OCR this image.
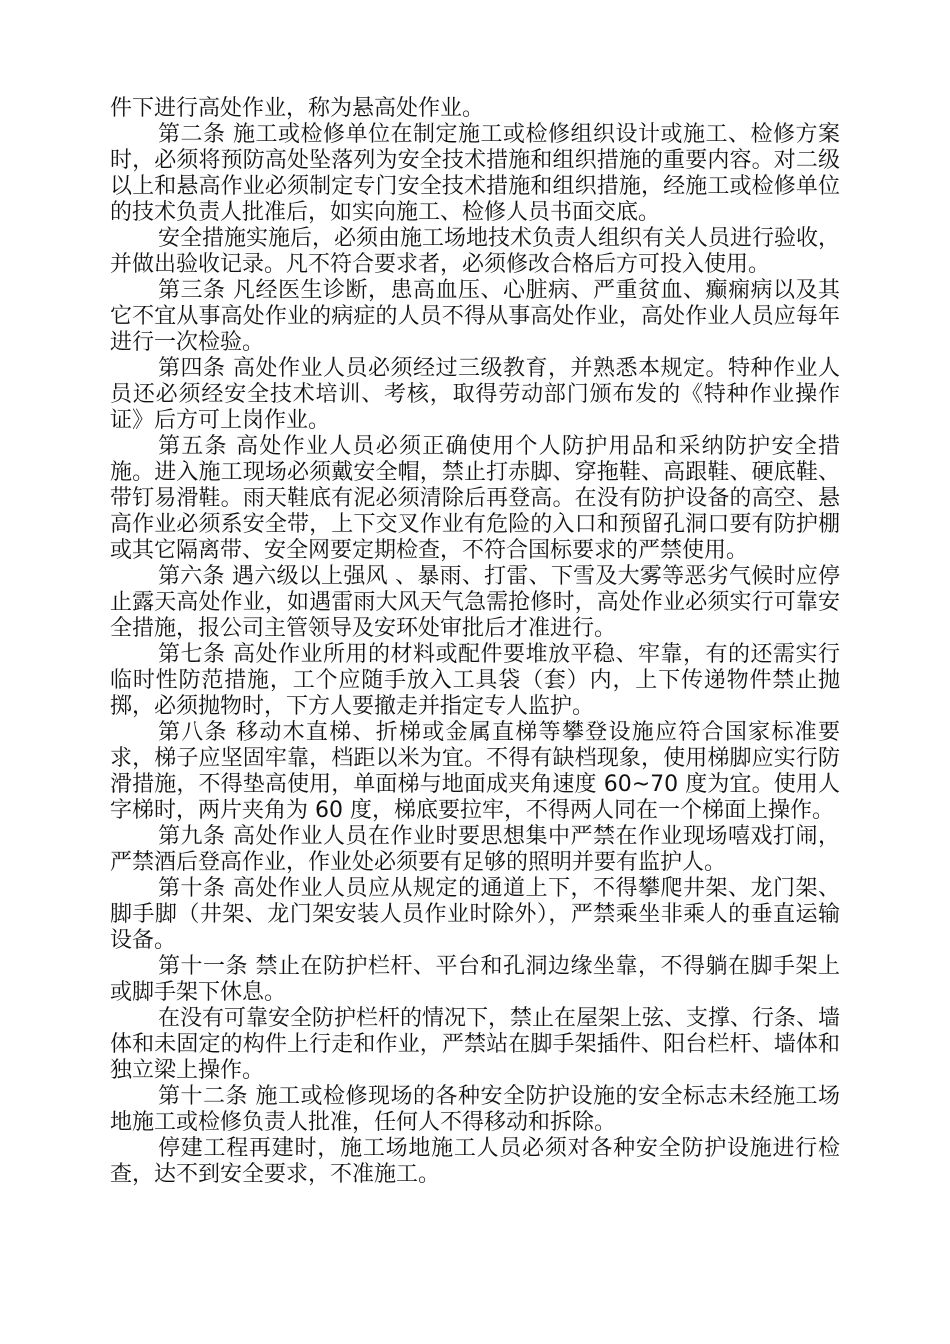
件下进行高处作业，称为悬高处作业。

第二条 施工或检修单位在制定施工或检修组织设计或施工、检修方案时，必须将预防高处坠落列为安全技术措施和组织措施的重要内容。对二级以上和悬高作业必须制定专门安全技术措施和组织措施，经施工或检修单位的技术负责人批准后，如实向施工、检修人员书面交底。

安全措施实施后，必须由施工场地技术负责人组织有关人员进行验收，并做出验收记录。凡不符合要求者，必须修改合格后方可投入使用。

第三条 凡经医生诊断，患高血压、心脏病、严重贫血、癫痫病以及其它不宜从事高处作业的病症的人员不得从事高处作业，高处作业人员应每年进行一次检验。

第四条 高处作业人员必须经过三级教育，并熟悉本规定。特种作业人员还必须经安全技术培训、考核，取得劳动部门颁布发的《特种作业操作证》后方可上岗作业。

第五条 高处作业人员必须正确使用个人防护用品和采纳防护安全措施。进入施工现场必须戴安全帽，禁止打赤脚、穿拖鞋、高跟鞋、硬底鞋、带钉易滑鞋。雨天鞋底有泥必须清除后再登高。在没有防护设备的高空、悬高作业必须系安全带，上下交叉作业有危险的入口和预留孔洞口要有防护棚或其它隔离带、安全网要定期检查，不符合国标要求的严禁使用。

第六条 遇六级以上强风 、暴雨、打雷、下雪及大雾等恶劣气候时应停止露天高处作业，如遇雷雨大风天气急需抢修时，高处作业必须实行可靠安全措施，报公司主管领导及安环处审批后才准进行。

第七条 高处作业所用的材料或配件要堆放平稳、牢靠，有的还需实行临时性防范措施，工个应随手放入工具袋（套）内，上下传递物件禁止抛掷，必须抛物时，下方人要撤走并指定专人监护。

第八条 移动木直梯、折梯或金属直梯等攀登设施应符合国家标准要求，梯子应坚固牢靠，档距以米为宜。不得有缺档现象，使用梯脚应实行防滑措施，不得垫高使用，单面梯与地面成夹角速度 60~70 度为宜。使用人字梯时，两片夹角为 60 度，梯底要拉牢，不得两人同在一个梯面上操作。

第九条 高处作业人员在作业时要思想集中严禁在作业现场嘻戏打闹，严禁酒后登高作业，作业处必须要有足够的照明并要有监护人。

第十条 高处作业人员应从规定的通道上下，不得攀爬井架、龙门架、脚手脚（井架、龙门架安装人员作业时除外），严禁乘坐非乘人的垂直运输设备。

第十一条 禁止在防护栏杆、平台和孔洞边缘坐靠，不得躺在脚手架上或脚手架下休息。

在没有可靠安全防护栏杆的情况下，禁止在屋架上弦、支撑、行条、墙体和未固定的构件上行走和作业，严禁站在脚手架插件、阳台栏杆、墙体和独立梁上操作。

第十二条 施工或检修现场的各种安全防护设施的安全标志未经施工场地施工或检修负责人批准，任何人不得移动和拆除。

停建工程再建时，施工场地施工人员必须对各种安全防护设施进行检查，达不到安全要求，不准施工。
